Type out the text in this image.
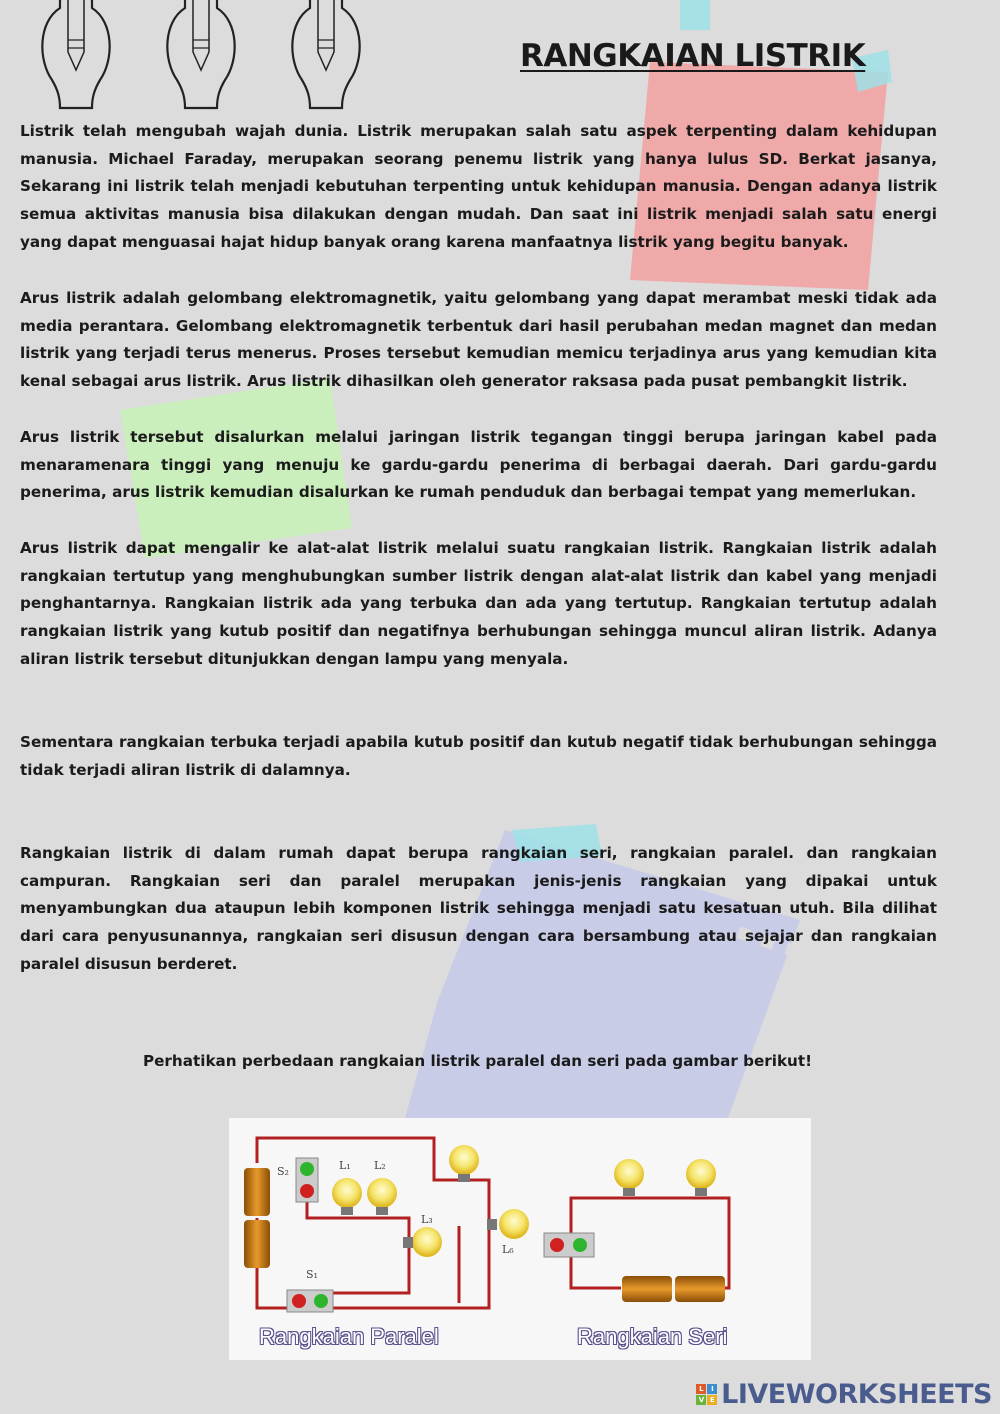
RANGKAIAN LISTRIK

Listrik telah mengubah wajah dunia. Listrik merupakan salah satu aspek terpenting dalam kehidupan manusia. Michael Faraday, merupakan seorang penemu listrik yang hanya lulus SD. Berkat jasanya, Sekarang ini listrik telah menjadi kebutuhan terpenting untuk kehidupan manusia. Dengan adanya listrik semua aktivitas manusia bisa dilakukan dengan mudah. Dan saat ini listrik menjadi salah satu energi yang dapat menguasai hajat hidup banyak orang karena manfaatnya listrik yang begitu banyak.

Arus listrik adalah gelombang elektromagnetik, yaitu gelombang yang dapat merambat meski tidak ada media perantara. Gelombang elektromagnetik terbentuk dari hasil perubahan medan magnet dan medan listrik yang terjadi terus menerus. Proses tersebut kemudian memicu terjadinya arus yang kemudian kita kenal sebagai arus listrik. Arus listrik dihasilkan oleh generator raksasa pada pusat pembangkit listrik.

Arus listrik tersebut disalurkan melalui jaringan listrik tegangan tinggi berupa jaringan kabel pada menaramenara tinggi yang menuju ke gardu-gardu penerima di berbagai daerah. Dari gardu-gardu penerima, arus listrik kemudian disalurkan ke rumah penduduk dan berbagai tempat yang memerlukan.

Arus listrik dapat mengalir ke alat-alat listrik melalui suatu rangkaian listrik. Rangkaian listrik adalah rangkaian tertutup yang menghubungkan sumber listrik dengan alat-alat listrik dan kabel yang menjadi penghantarnya. Rangkaian listrik ada yang terbuka dan ada yang tertutup. Rangkaian tertutup adalah rangkaian listrik yang kutub positif dan negatifnya berhubungan sehingga muncul aliran listrik. Adanya aliran listrik tersebut ditunjukkan dengan lampu yang menyala.

Sementara rangkaian terbuka terjadi apabila kutub positif dan kutub negatif tidak berhubungan sehingga tidak terjadi aliran listrik di dalamnya.

Rangkaian listrik di dalam rumah dapat berupa rangkaian seri, rangkaian paralel. dan rangkaian campuran. Rangkaian seri dan paralel merupakan jenis-jenis rangkaian yang dipakai untuk menyambungkan dua ataupun lebih komponen listrik sehingga menjadi satu kesatuan utuh. Bila dilihat dari cara penyusunannya, rangkaian seri disusun dengan cara bersambung atau sejajar dan rangkaian paralel disusun berderet.

Perhatikan perbedaan rangkaian listrik paralel dan seri pada gambar berikut!

S₂	L₁ L₂
L₃
L₆
S₁
Rangkaian Paralel	Rangkaian Seri
L	I
V E LIVEWORKSHEETS
